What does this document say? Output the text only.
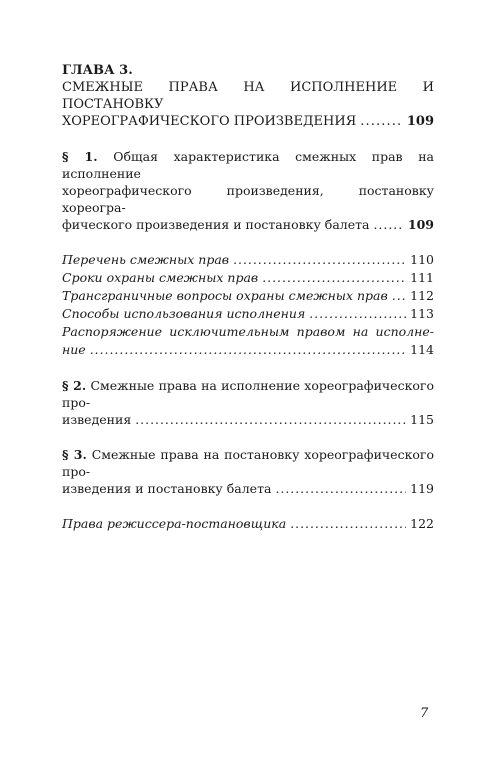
ГЛАВА 3.
СМЕЖНЫЕ ПРАВА НА ИСПОЛНЕНИЕ И ПОСТАНОВКУ
ХОРЕОГРАФИЧЕСКОГО ПРОИЗВЕДЕНИЯ . . .	109
§ 1. Общая характеристика смежных прав на исполнение
хореографического произведения, постановку хореогра-
фического произведения и постановку балета . . .	109
Перечень смежных прав . . .	110
Сроки охраны смежных прав . . .	111
Трансграничные вопросы охраны смежных прав . . . 112
Способы использования исполнения . . .	113
Распоряжение исключительным правом на исполне-
ние . . .	114
§ 2. Смежные права на исполнение хореографического про-
изведения . . .	115
§ 3. Смежные права на постановку хореографического про-
изведения и постановку балета . . .	119
Права режиссера-постановщика . . .	122
7
